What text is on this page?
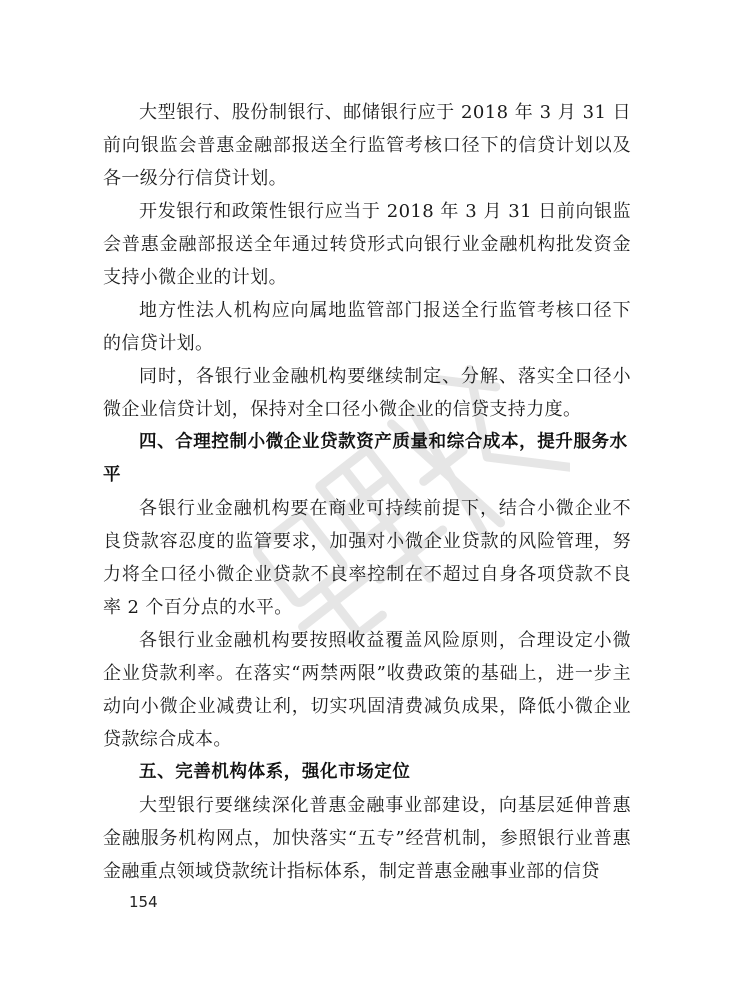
大型银行、股份制银行、邮储银行应于 2018 年 3 月 31 日前向银监会普惠金融部报送全行监管考核口径下的信贷计划以及各一级分行信贷计划。

开发银行和政策性银行应当于 2018 年 3 月 31 日前向银监会普惠金融部报送全年通过转贷形式向银行业金融机构批发资金支持小微企业的计划。

地方性法人机构应向属地监管部门报送全行监管考核口径下的信贷计划。

同时，各银行业金融机构要继续制定、分解、落实全口径小微企业信贷计划，保持对全口径小微企业的信贷支持力度。

四、合理控制小微企业贷款资产质量和综合成本，提升服务水平

各银行业金融机构要在商业可持续前提下，结合小微企业不良贷款容忍度的监管要求，加强对小微企业贷款的风险管理，努力将全口径小微企业贷款不良率控制在不超过自身各项贷款不良率 2 个百分点的水平。

各银行业金融机构要按照收益覆盖风险原则，合理设定小微企业贷款利率。在落实“两禁两限”收费政策的基础上，进一步主动向小微企业减费让利，切实巩固清费减负成果，降低小微企业贷款综合成本。

五、完善机构体系，强化市场定位

大型银行要继续深化普惠金融事业部建设，向基层延伸普惠金融服务机构网点，加快落实“五专”经营机制，参照银行业普惠金融重点领域贷款统计指标体系，制定普惠金融事业部的信贷

154
